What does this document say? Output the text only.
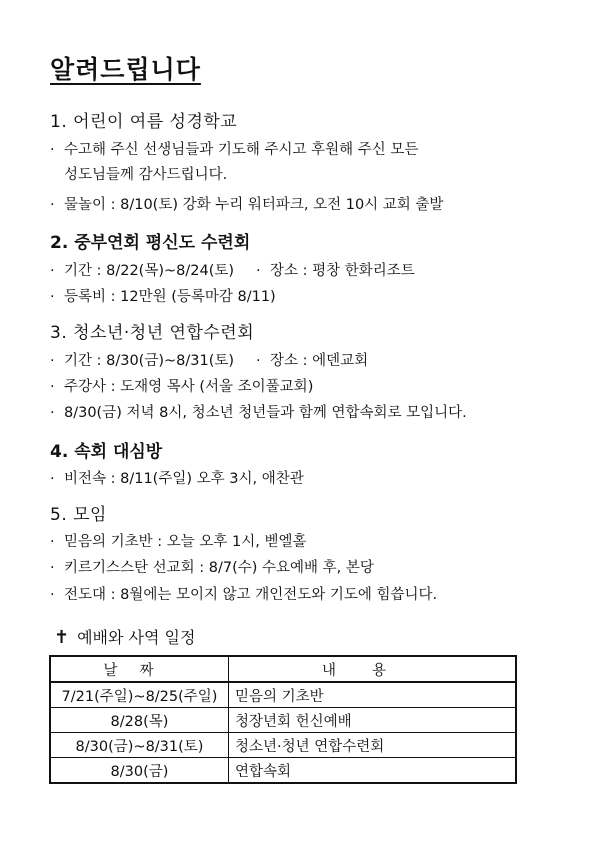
알려드립니다
1. 어린이 여름 성경학교
· 수고해 주신 선생님들과 기도해 주시고 후원해 주신 모든
성도님들께 감사드립니다.
· 물놀이 : 8/10(토) 강화 누리 워터파크, 오전 10시 교회 출발
2. 중부연회 평신도 수련회
· 기간 : 8/22(목)~8/24(토) · 장소 : 평창 한화리조트
· 등록비 : 12만원 (등록마감 8/11)
3. 청소년·청년 연합수련회
· 기간 : 8/30(금)~8/31(토) · 장소 : 에덴교회
· 주강사 : 도재영 목사 (서울 조이풀교회)
· 8/30(금) 저녁 8시, 청소년 청년들과 함께 연합속회로 모입니다.
4. 속회 대심방
· 비전속 : 8/11(주일) 오후 3시, 애찬관
5. 모임
· 믿음의 기초반 : 오늘 오후 1시, 벧엘홀
· 키르기스스탄 선교회 : 8/7(수) 수요예배 후, 본당
· 전도대 : 8월에는 모이지 않고 개인전도와 기도에 힘씁니다.
✝ 예배와 사역 일정
날짜	내용
7/21(주일)~8/25(주일)	믿음의 기초반
8/28(목)	청장년회 헌신예배
8/30(금)~8/31(토)	청소년·청년 연합수련회
8/30(금)	연합속회
